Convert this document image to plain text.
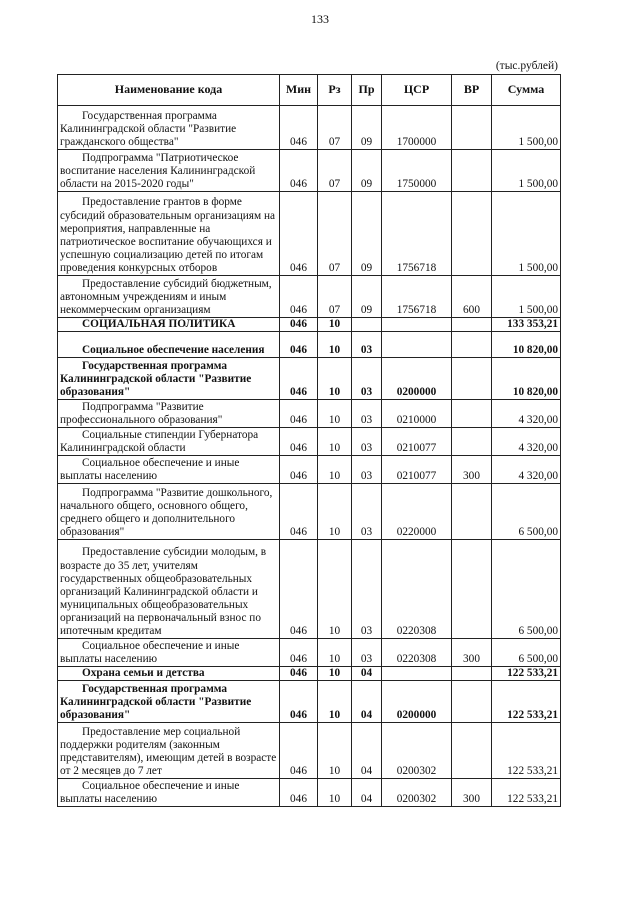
133
(тыс.рублей)
Наименование кода	Мин	Рз	Пр	ЦСР	ВР	Сумма
Государственная программа Калининградской области "Развитие гражданского общества"	046	07	09	1700000		1 500,00
Подпрограмма "Патриотическое воспитание населения Калининградской области на 2015-2020 годы"	046	07	09	1750000		1 500,00
Предоставление грантов в форме субсидий образовательным организациям на мероприятия, направленные на патриотическое воспитание обучающихся и успешную социализацию детей по итогам проведения конкурсных отборов	046	07	09	1756718		1 500,00
Предоставление субсидий бюджетным, автономным учреждениям и иным некоммерческим организациям	046	07	09	1756718	600	1 500,00
СОЦИАЛЬНАЯ ПОЛИТИКА	046	10				133 353,21
Социальное обеспечение населения	046	10	03			10 820,00
Государственная программа Калининградской области "Развитие образования"	046	10	03	0200000		10 820,00
Подпрограмма "Развитие профессионального образования"	046	10	03	0210000		4 320,00
Социальные стипендии Губернатора Калининградской области	046	10	03	0210077		4 320,00
Социальное обеспечение и иные выплаты населению	046	10	03	0210077	300	4 320,00
Подпрограмма "Развитие дошкольного, начального общего, основного общего, среднего общего и дополнительного образования"	046	10	03	0220000		6 500,00
Предоставление субсидии молодым, в возрасте до 35 лет, учителям государственных общеобразовательных организаций Калининградской области и муниципальных общеобразовательных организаций на первоначальный взнос по ипотечным кредитам	046	10	03	0220308		6 500,00
Социальное обеспечение и иные выплаты населению	046	10	03	0220308	300	6 500,00
Охрана семьи и детства	046	10	04			122 533,21
Государственная программа Калининградской области "Развитие образования"	046	10	04	0200000		122 533,21
Предоставление мер социальной поддержки родителям (законным представителям), имеющим детей в возрасте от 2 месяцев до 7 лет	046	10	04	0200302		122 533,21
Социальное обеспечение и иные выплаты населению	046	10	04	0200302	300	122 533,21
